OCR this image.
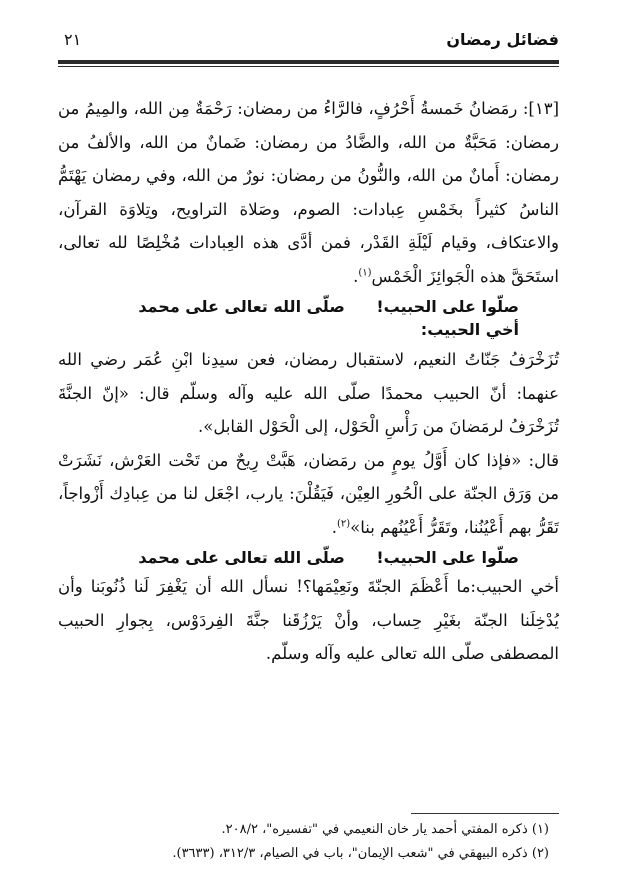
فضائل رمضان
٢١

[١٣]: رمَضانُ خَمسةُ أَحْرُفٍ، فالرَّاءُ من رمضان: رَحْمَةٌ مِن الله، والمِيمُ من رمضان: مَحَبَّةٌ من الله، والضَّادُ من رمضان: ضَمانٌ من الله، والألفُ من رمضان: أَمانٌ من الله، والنُّونُ من رمضان: نورٌ من الله، وفي رمضان يَهْتَمُّ الناسُ كثيراً بخَمْسِ عِبادات: الصوم، وصَلاة التراويح، وتِلاوَة القرآن، والاعتكاف، وقيام لَيْلَةِ القَدْر، فمن أدَّى هذه العِبادات مُخْلِصًا لله تعالى، استَحَقَّ هذه الْجَوائِزَ الْخَمْس$^{(١)}$.

صلّوا على الحبيب! صلّى الله تعالى على محمد
أخي الحبيب:

تُزَخْرَفُ جَنّاتُ النعيم، لاستقبال رمضان، فعن سيدِنا ابْنِ عُمَر رضي الله عنهما: أنّ الحبيب محمدًا صلّى الله عليه وآله وسلّم قال: «إنّ الجنَّةَ تُزَخْرَفُ لرمَضانَ من رَأْسِ الْحَوْل، إلى الْحَوْل القابل».

قال: «فإذا كان أَوَّلُ يومٍ من رمَضان، هَبَّتْ رِيحٌ من تَحْت العَرْش، نَشَرَتْ من وَرَق الجنّة على الْحُورِ العِيْن، فَيَقُلْنَ: يارب، اجْعَل لنا من عِبادِك أَزْواجاً، تَقَرُّ بهم أَعْيُنُنا، وتَقَرُّ أَعْيُنُهم بنا»$^{(٢)}$.

صلّوا على الحبيب! صلّى الله تعالى على محمد

أخي الحبيب:ما أَعْظَمَ الجنّةَ ونَعِيْمَها؟! نسأل الله أن يَغْفِرَ لَنا ذُنُوبَنا وأن يُدْخِلَنا الجنّة بغَيْرِ حِساب، وأنْ يَرْزُقَنا جنَّةَ الفِردَوْس، بِجوارِ الحبيب المصطفى صلّى الله تعالى عليه وآله وسلّم.

(١) ذكره المفتي أحمد يار خان النعيمي في "تفسيره"، ٢٠٨/٢.

(٢) ذكره البيهقي في "شعب الإيمان"، باب في الصيام، ٣١٢/٣، (٣٦٣٣).
